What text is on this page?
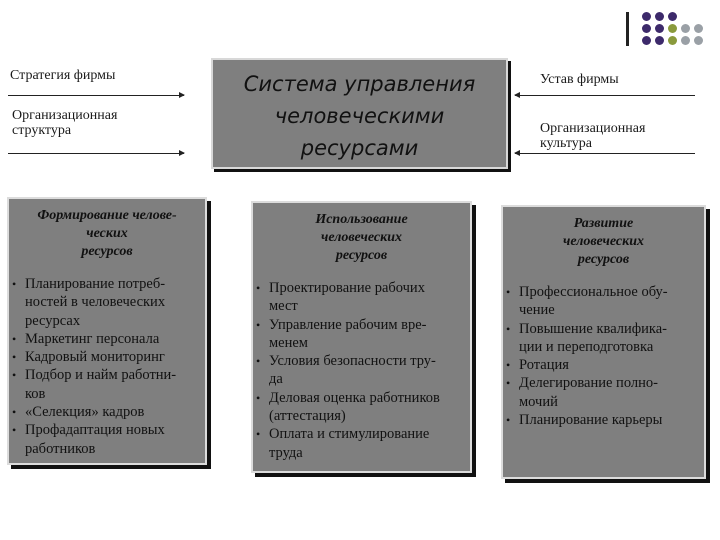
Стратегия фирмы
Организационная
структура
Устав фирмы
Организационная
культура
Система управления
человеческими
ресурсами
Формирование челове-
ческих
ресурсов
• Планирование потреб-
ностей в человеческих
ресурсах
• Маркетинг персонала
• Кадровый мониторинг
• Подбор и найм работни-
ков
• «Селекция» кадров
• Профадаптация новых
работников
Использование
человеческих
ресурсов
• Проектирование рабочих
мест
• Управление рабочим вре-
менем
• Условия безопасности тру-
да
• Деловая оценка работников
(аттестация)
• Оплата и стимулирование
труда
Развитие
человеческих
ресурсов
• Профессиональное обу-
чение
• Повышение квалифика-
ции и переподготовка
• Ротация
• Делегирование полно-
мочий
• Планирование карьеры
